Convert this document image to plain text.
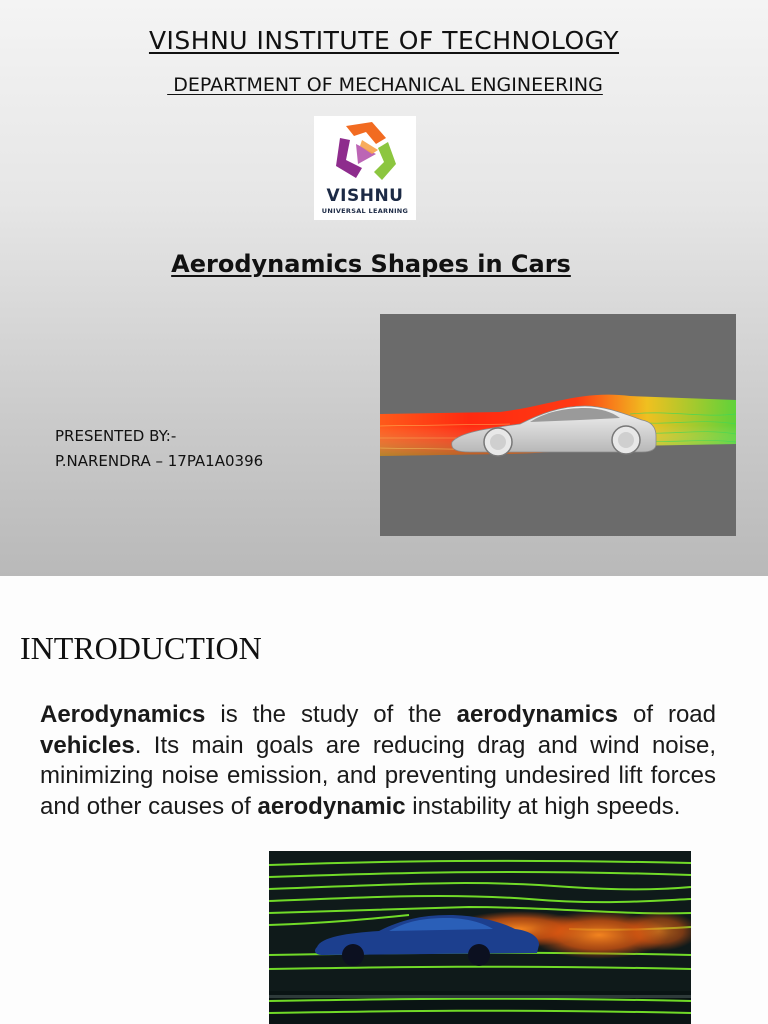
VISHNU INSTITUTE OF TECHNOLOGY
DEPARTMENT OF MECHANICAL ENGINEERING
VISHNU
UNIVERSAL LEARNING
Aerodynamics Shapes in Cars
PRESENTED BY:-
P.NARENDRA – 17PA1A0396
INTRODUCTION
Aerodynamics is the study of the aerodynamics of road vehicles. Its main goals are reducing drag and wind noise, minimizing noise emission, and preventing undesired lift forces and other causes of aerodynamic instability at high speeds.
